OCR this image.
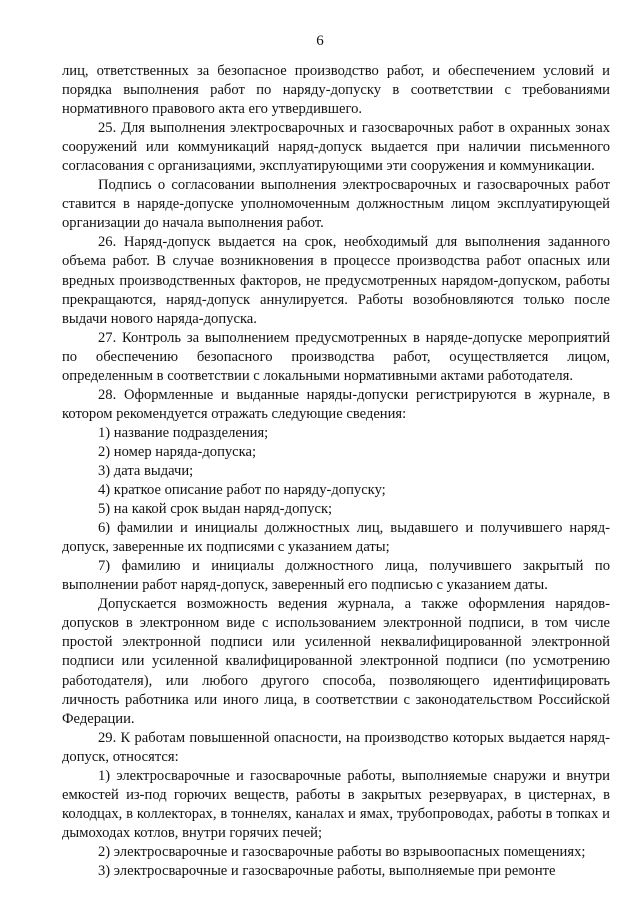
6

лиц, ответственных за безопасное производство работ, и обеспечением условий и порядка выполнения работ по наряду-допуску в соответствии с требованиями нормативного правового акта его утвердившего.

25. Для выполнения электросварочных и газосварочных работ в охранных зонах сооружений или коммуникаций наряд-допуск выдается при наличии письменного согласования с организациями, эксплуатирующими эти сооружения и коммуникации.

Подпись о согласовании выполнения электросварочных и газосварочных работ ставится в наряде-допуске уполномоченным должностным лицом эксплуатирующей организации до начала выполнения работ.

26. Наряд-допуск выдается на срок, необходимый для выполнения заданного объема работ. В случае возникновения в процессе производства работ опасных или вредных производственных факторов, не предусмотренных нарядом-допуском, работы прекращаются, наряд-допуск аннулируется. Работы возобновляются только после выдачи нового наряда-допуска.

27. Контроль за выполнением предусмотренных в наряде-допуске мероприятий по обеспечению безопасного производства работ, осуществляется лицом, определенным в соответствии с локальными нормативными актами работодателя.

28. Оформленные и выданные наряды-допуски регистрируются в журнале, в котором рекомендуется отражать следующие сведения:

1) название подразделения;

2) номер наряда-допуска;

3) дата выдачи;

4) краткое описание работ по наряду-допуску;

5) на какой срок выдан наряд-допуск;

6) фамилии и инициалы должностных лиц, выдавшего и получившего наряд-допуск, заверенные их подписями с указанием даты;

7) фамилию и инициалы должностного лица, получившего закрытый по выполнении работ наряд-допуск, заверенный его подписью с указанием даты.

Допускается возможность ведения журнала, а также оформления нарядов-допусков в электронном виде с использованием электронной подписи, в том числе простой электронной подписи или усиленной неквалифицированной электронной подписи или усиленной квалифицированной электронной подписи (по усмотрению работодателя), или любого другого способа, позволяющего идентифицировать личность работника или иного лица, в соответствии с законодательством Российской Федерации.

29. К работам повышенной опасности, на производство которых выдается наряд-допуск, относятся:

1) электросварочные и газосварочные работы, выполняемые снаружи и внутри емкостей из-под горючих веществ, работы в закрытых резервуарах, в цистернах, в колодцах, в коллекторах, в тоннелях, каналах и ямах, трубопроводах, работы в топках и дымоходах котлов, внутри горячих печей;

2) электросварочные и газосварочные работы во взрывоопасных помещениях;

3) электросварочные и газосварочные работы, выполняемые при ремонте
